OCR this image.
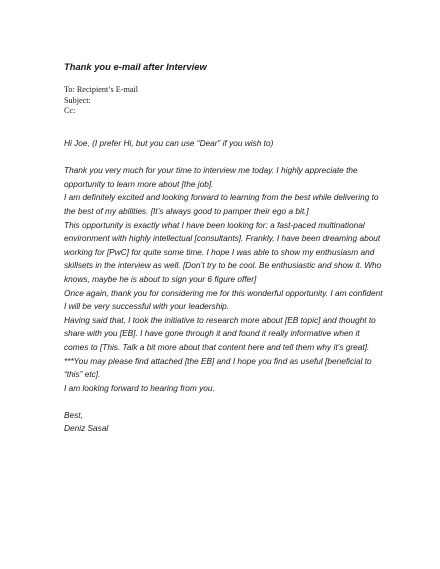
Thank you e-mail after Interview
To: Recipient’s E-mail
Subject:
Cc:

Hi Joe, (I prefer Hi, but you can use “Dear” if you wish to)

Thank you very much for your time to interview me today. I highly appreciate the opportunity to learn more about [the job].

I am definitely excited and looking forward to learning from the best while delivering to the best of my abilities. [It’s always good to pamper their ego a bit.]

This opportunity is exactly what I have been looking for: a fast-paced multinational environment with highly intellectual [consultants]. Frankly, I have been dreaming about working for [PwC] for quite some time. I hope I was able to show my enthusiasm and skillsets in the interview as well. [Don’t try to be cool. Be enthusiastic and show it. Who knows, maybe he is about to sign your 6 figure offer]

Once again, thank you for considering me for this wonderful opportunity. I am confident I will be very successful with your leadership.

Having said that, I took the initiative to research more about [EB topic] and thought to share with you [EB]. I have gone through it and found it really informative when it comes to [This. Talk a bit more about that content here and tell them why it’s great]. ***You may please find attached [the EB] and I hope you find as useful [beneficial to “this” etc].

I am looking forward to hearing from you.

Best,
Deniz Sasal
